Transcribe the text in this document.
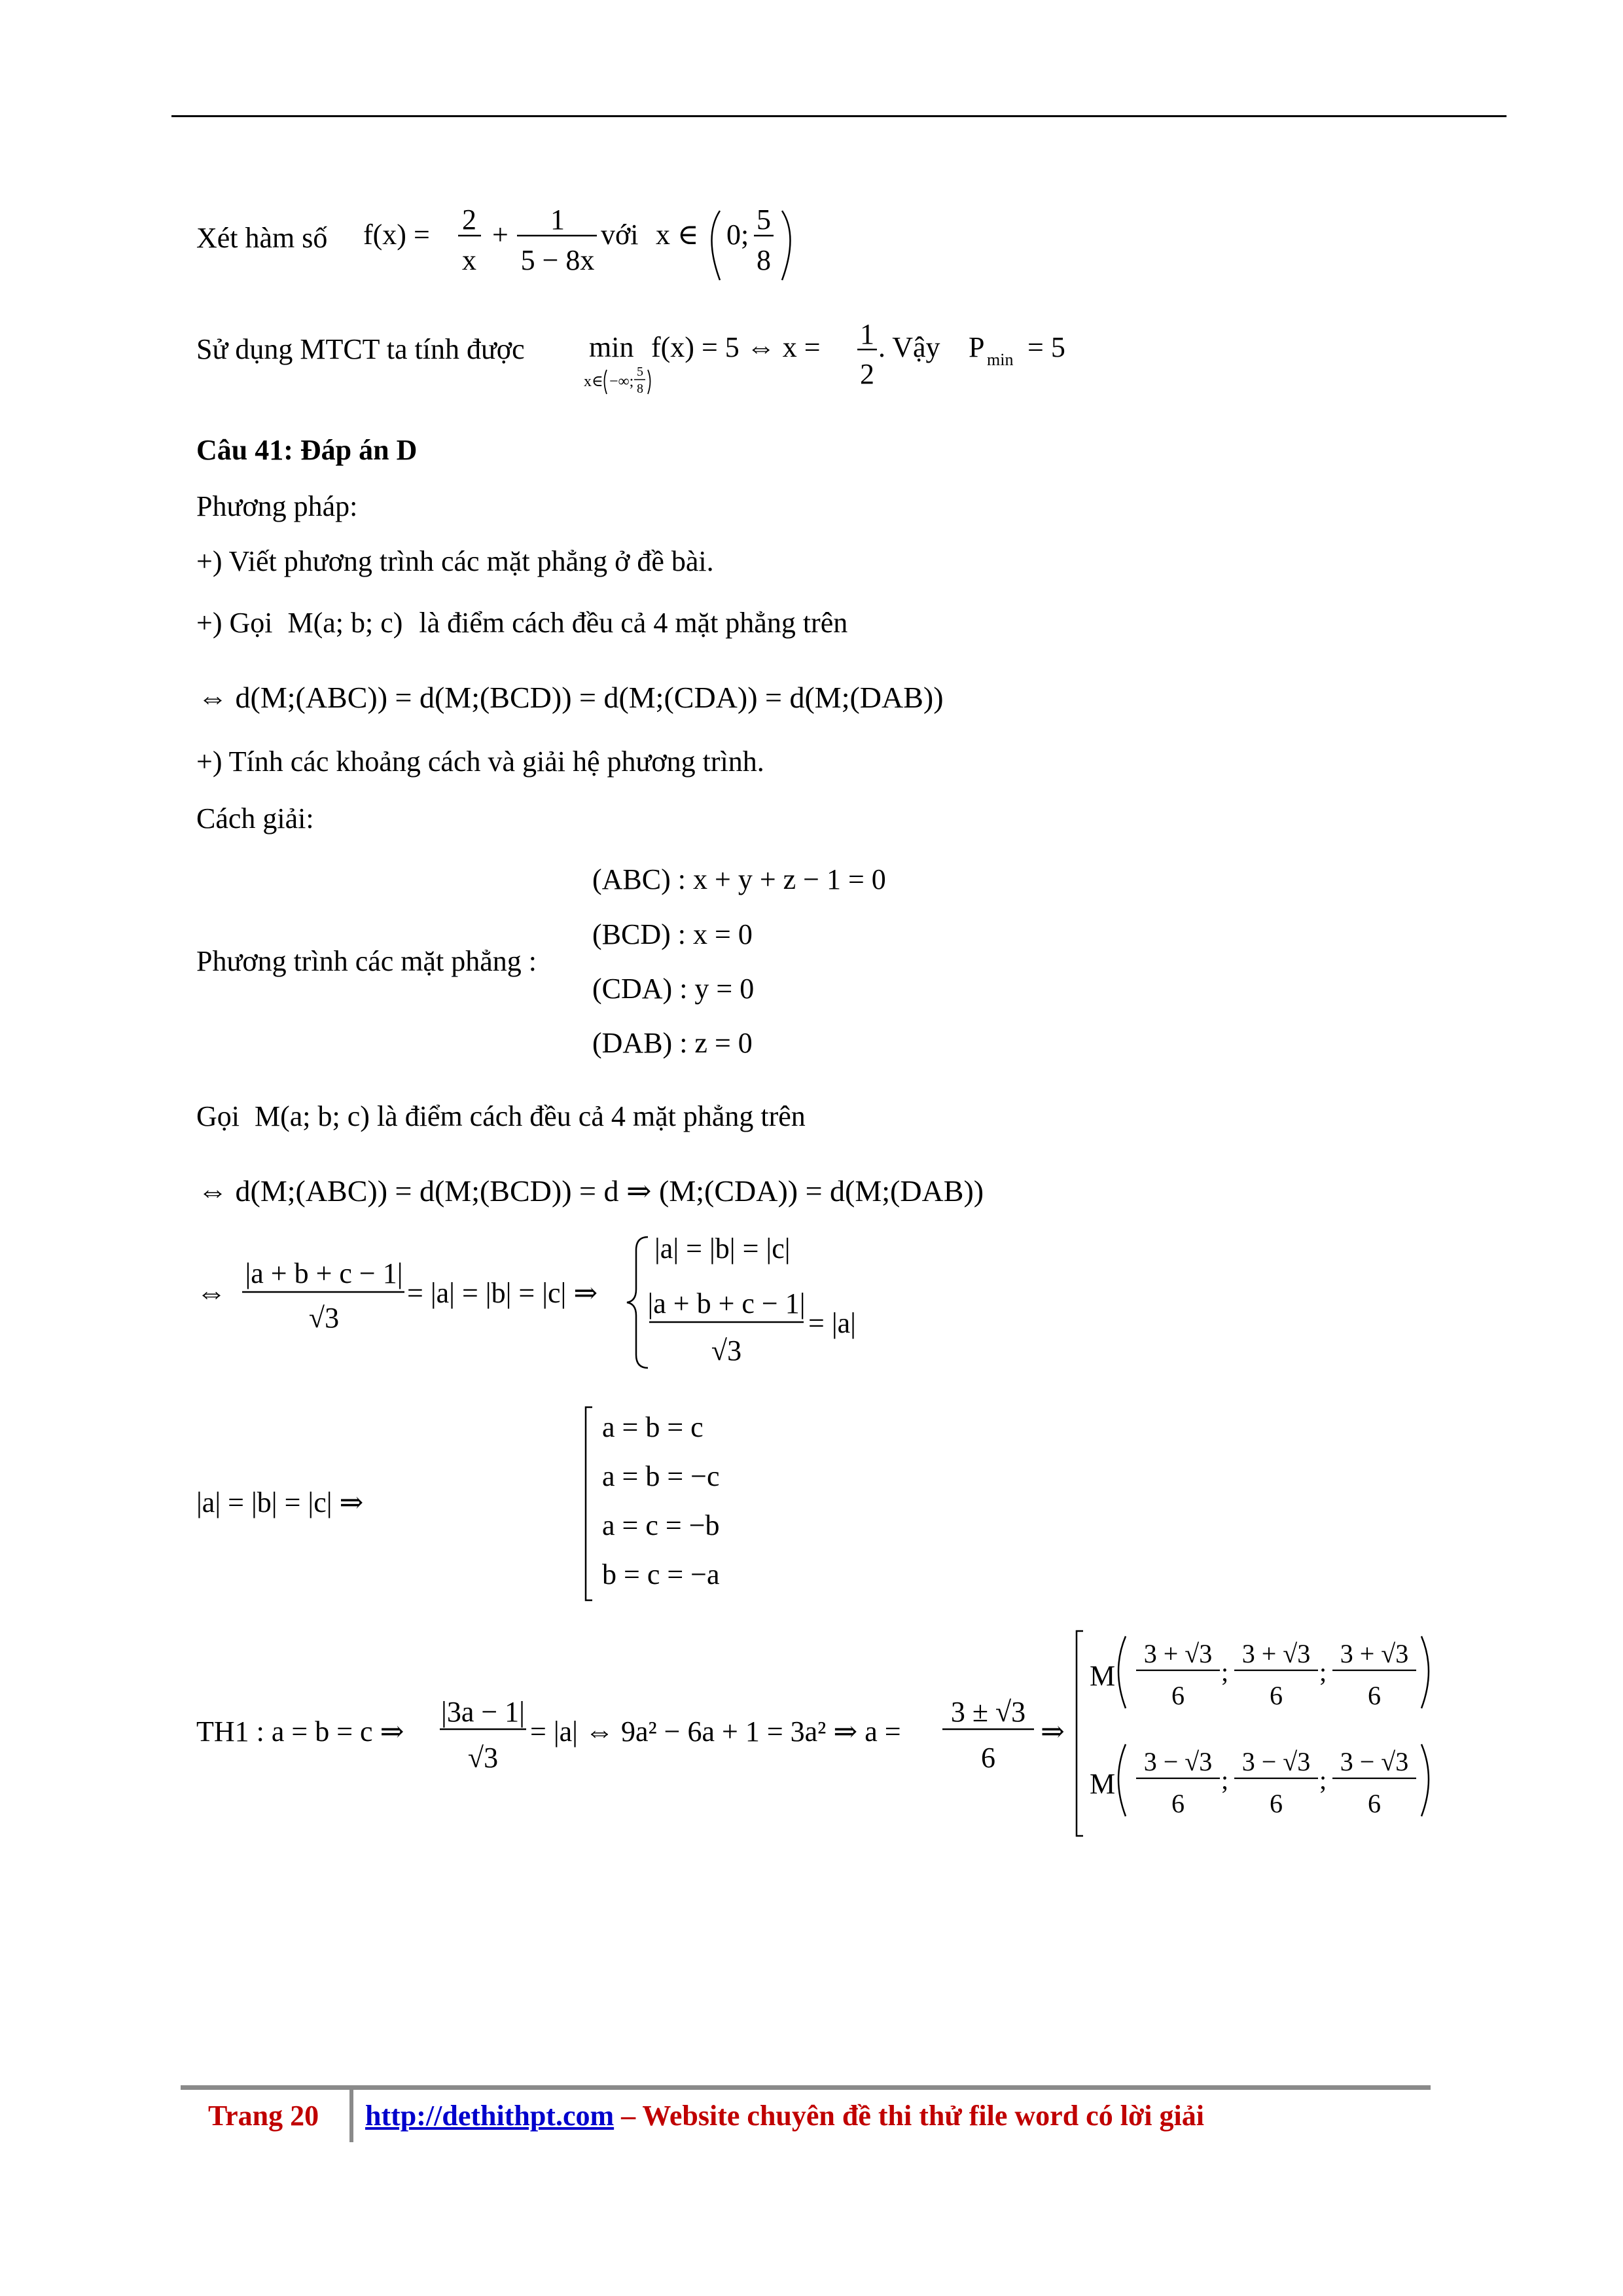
Xét hàm số f(x) = 2
x
+ 1
5 − 8x
với x ∈ 0; 5
8
Sử dụng MTCT ta tính được min
x∈ −∞;
5
8
f(x) = 5 ⇔ x = 1
2
. Vậy P min = 5
Câu 41: Đáp án D
Phương pháp:
+) Viết phương trình các mặt phẳng ở đề bài.
+) Gọi M(a; b; c) là điểm cách đều cả 4 mặt phẳng trên
⇔ d(M;(ABC)) = d(M;(BCD)) = d(M;(CDA)) = d(M;(DAB))
+) Tính các khoảng cách và giải hệ phương trình.
Cách giải:
Phương trình các mặt phẳng :
(ABC) : x + y + z − 1 = 0
(BCD) : x = 0
(CDA) : y = 0
(DAB) : z = 0
Gọi M(a; b; c) là điểm cách đều cả 4 mặt phẳng trên
⇔ d(M;(ABC)) = d(M;(BCD)) = d ⇒ (M;(CDA)) = d(M;(DAB))
⇔
|a + b + c − 1|
√3
= |a| = |b| = |c| ⇒
|a| = |b| = |c|
|a + b + c − 1|
√3
= |a|
|a| = |b| = |c| ⇒
a = b = c
a = b = −c
a = c = −b
b = c = −a
TH1 : a = b = c ⇒
|3a − 1|
√3
= |a| ⇔ 9a² − 6a + 1 = 3a² ⇒ a =
3 ± √3
6
⇒
M
3 + √3
6
;
3 + √3
6
;
3 + √3
6
M
3 − √3
6
;
3 − √3
6
;
3 − √3
6
Trang 20 http://dethithpt.com – Website chuyên đề thi thử file word có lời giải
